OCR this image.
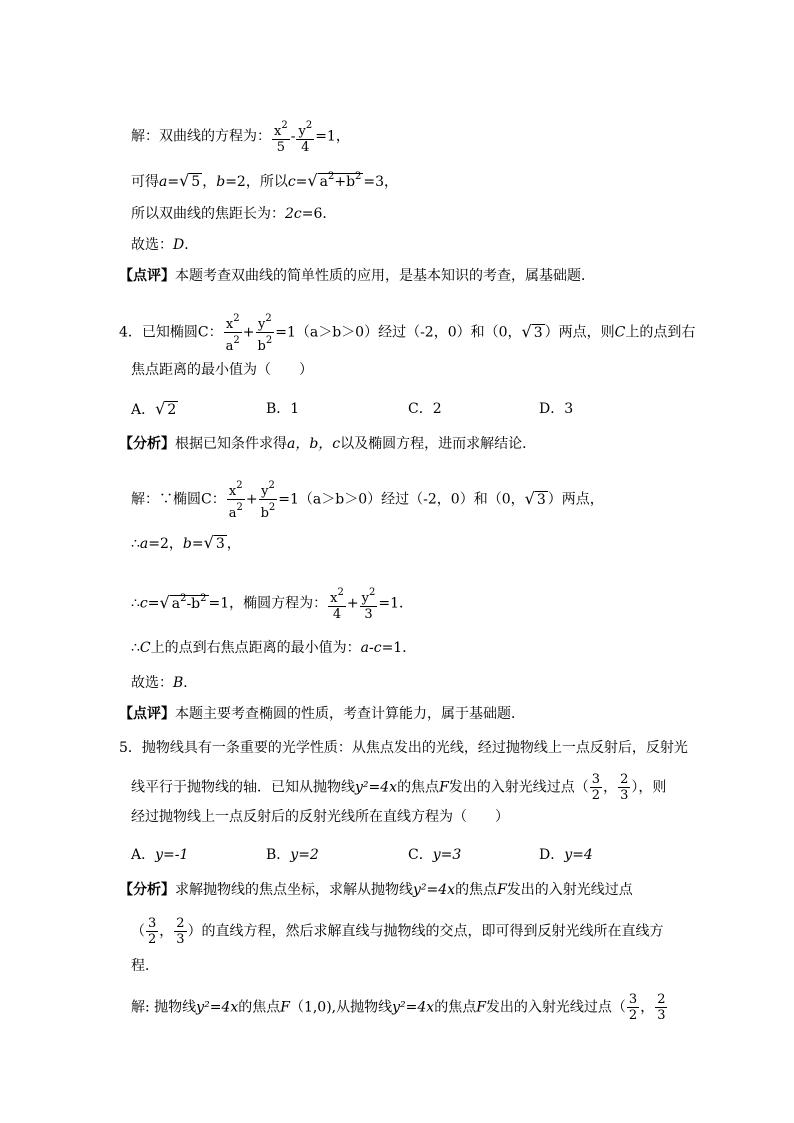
解：双曲线的方程为： $\frac{x^2}{5} - \frac{y^2}{4} =1$，
可得a=√ 5 ，b=2，所以c=√ $a^2+b^2 =3$，
所以双曲线的焦距长为：2c=6．
故选：D．
【点评】本题考查双曲线的简单性质的应用，是基本知识的考查，属基础题．
4．已知椭圆C： $\frac{x^2}{a^2} + \frac{y^2}{b^2} =1(a>b>0)$经过（-2，0）和（0，√ 3 ）两点，则C上的点到右
焦点距离的最小值为（　　）
A．√ 2	B．1	C．2	D．3
【分析】根据已知条件求得a，b，c以及椭圆方程，进而求解结论．
解：∵椭圆C： $\frac{x^2}{a^2} + \frac{y^2}{b^2} =1(a>b>0)$经过（-2，0）和（0，√ 3 ）两点，
∴a=2，b=√ 3 ，
∴c=√ $a^2-b^2 =1$，椭圆方程为： $\frac{x^2}{4} + \frac{y^2}{3} =1$．
∴C上的点到右焦点距离的最小值为：a-c=1．
故选：B．
【点评】本题主要考查椭圆的性质，考查计算能力，属于基础题．
5．抛物线具有一条重要的光学性质：从焦点发出的光线，经过抛物线上一点反射后，反射光
线平行于抛物线的轴．已知从抛物线y²=4x的焦点F发出的入射光线过点（ $\frac{3}{2}$ ， $\frac{2}{3}$ ），则
经过抛物线上一点反射后的反射光线所在直线方程为（　　）
A．y=-1	B．y=2	C．y=3	D．y=4
【分析】求解抛物线的焦点坐标，求解从抛物线y²=4x的焦点F发出的入射光线过点
（ $\frac{3}{2}$ ， $\frac{2}{3}$ ）的直线方程，然后求解直线与抛物线的交点，即可得到反射光线所在直线方
程．
解: 抛物线y²=4x的焦点F（1,0),从抛物线y²=4x的焦点F发出的入射光线过点（ $\frac{3}{2}$ ， $\frac{2}{3}$
